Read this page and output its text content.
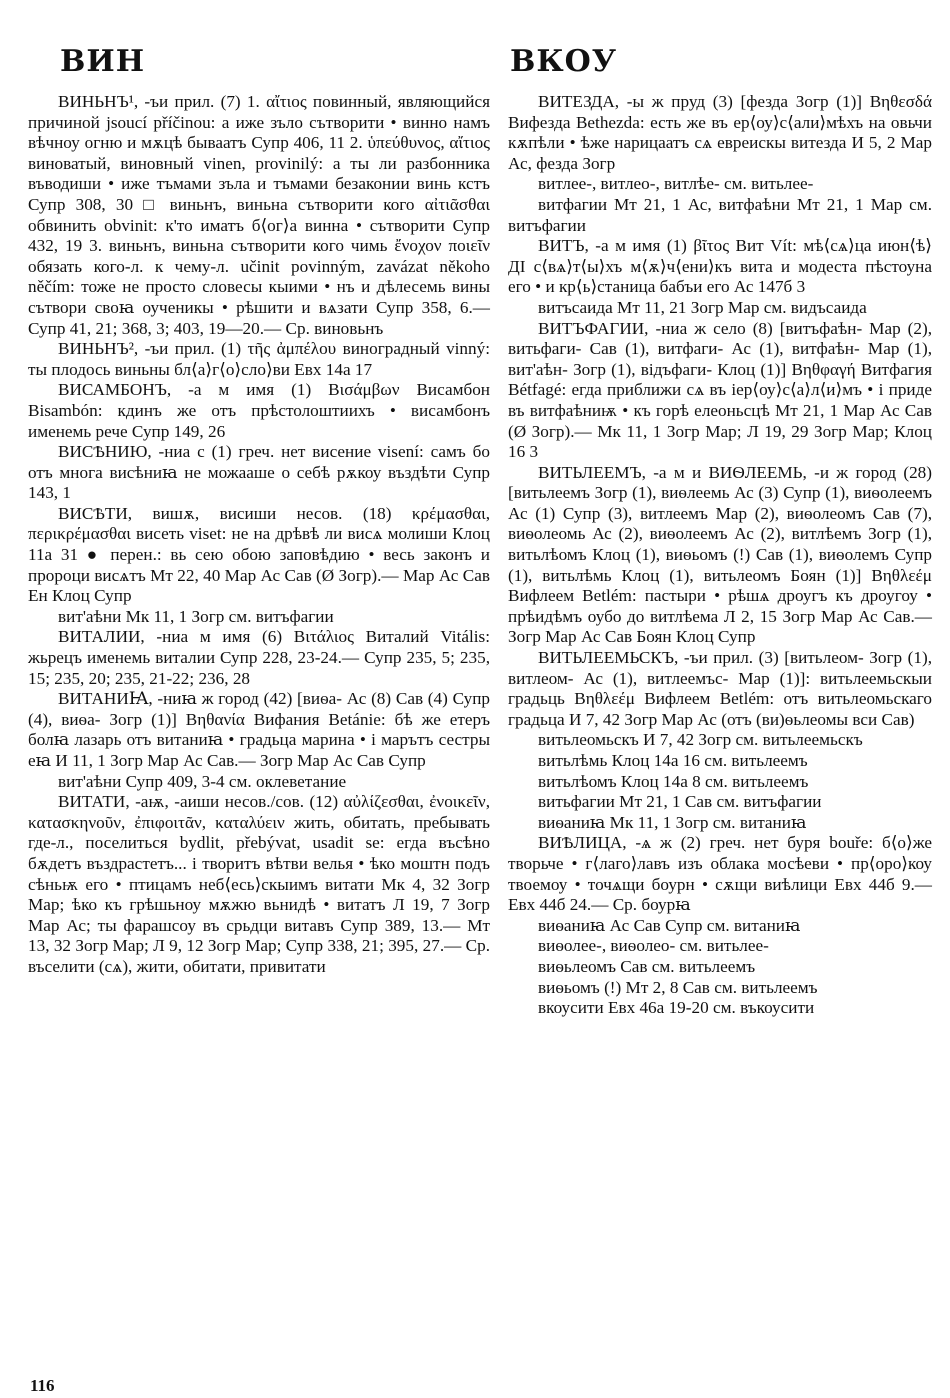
ВИН	ВКОУ

ВИНЬНЪ¹, -ъи прил. (7) 1. αἴτιος повинный, являющийся причиной jsoucí příčinou: а иже зъло сътворити • винно намъ вѣчноу огню и мѫцѣ бываатъ Супр 406, 11 2. ὑπεύθυνος, αἴτιος виноватый, виновный vinen, provinilý: а ты ли разбонника въводиши • иже тъмами зъла и тъмами безаконии винь кстъ Супр 308, 30 □ виньнъ, виньна сътворити кого αἰτιᾶσθαι обвинить obvinit: к'то иматъ б⟨ог⟩а винна • сътворити Супр 432, 19 3. виньнъ, виньна сътворити кого чимь ἔνοχον ποιεῖν обязать кого-л. к чему-л. učinit povinným, zavázat někoho něčím: тоже не просто словесы кыими • нъ и дѣлесемь вины сътвори своꙗ оученикы • рѣшити и вѧзати Супр 358, 6.— Супр 41, 21; 368, 3; 403, 19—20.— Ср. виновьнъ

ВИНЬНЪ², -ъи прил. (1) τῆς ἀμπέλου виноградный vinný: ты плодось виньны бл⟨а⟩г⟨о⟩сло⟩ви Евх 14а 17

ВИСАМБОНЪ, -а м имя (1) Βισάμβων Висамбон Bisambón: кдинъ же отъ прѣстолоштиихъ • висамбонъ именемь рече Супр 149, 26

ВИСѢНИЮ, -ниа с (1) греч. нет висение visení: самъ бо отъ многа висѣниꙗ не можааше о себѣ рѫкоу въздѣти Супр 143, 1

ВИСѢТИ, вишѫ, висиши несов. (18) κρέμασθαι, περικρέμασθαι висеть viset: не на дрѣвѣ ли висѧ молиши Клоц 11а 31 ● перен.: вь сею обою заповѣдию • весь законъ и пророци висѧтъ Мт 22, 40 Мар Ас Сав (Ø Зогр).— Мар Ас Сав Ен Клоц Супр

вит'аѣни Мк 11, 1 Зогр см. витъфагии

ВИТАЛИИ, -ниа м имя (6) Βιτάλιος Виталий Vitális: жьрецъ именемь виталии Супр 228, 23-24.— Супр 235, 5; 235, 15; 235, 20; 235, 21-22; 236, 28

ВИТАНИꙖ, -ниꙗ ж город (42) [виѳа- Ас (8) Сав (4) Супр (4), виѳа- Зогр (1)] Βηθανία Вифания Betánie: бѣ же етеръ болꙗ лазарь отъ витаниꙗ • градьца марина • і марътъ сестры еꙗ И 11, 1 Зогр Мар Ас Сав.— Зогр Мар Ас Сав Супр

вит'аѣни Супр 409, 3-4 см. оклеветание

ВИТАТИ, -аѭ, -аиши несов./сов. (12) αὐλίζεσθαι, ἐνοικεῖν, κατασκηνοῦν, ἐπιφοιτᾶν, καταλύειν жить, обитать, пребывать где-л., поселиться bydlit, přebývat, usadit se: егда въсѣно бѫдетъ въздрастетъ... і творитъ вѣтви велья • ѣко моштн подъ сѣньѭ его • птицамъ неб⟨есь⟩скыимъ витати Мк 4, 32 Зогр Мар; ѣко къ грѣшьноу мѫжю вьнидѣ • витатъ Л 19, 7 Зогр Мар Ас; ты фарашсоу въ срьдци витавъ Супр 389, 13.— Мт 13, 32 Зогр Мар; Л 9, 12 Зогр Мар; Супр 338, 21; 395, 27.— Ср. въселити (сѧ), жити, обитати, привитати

ВИТЕЗДА, -ы ж пруд (3) [фезда Зогр (1)] Βηθεσδά Вифезда Bethezda: есть же въ ер⟨оу⟩с⟨али⟩мѣхъ на овьчи кѫпѣли • ѣже нарицаатъ сѧ евреискы витезда И 5, 2 Мар Ас, фезда Зогр

витлее-, витлео-, витлѣе- см. витьлее-

витфагии Мт 21, 1 Ас, витфаѣни Мт 21, 1 Мар см. витъфагии

ВИТЪ, -а м имя (1) βῖτος Вит Vít: мѣ⟨сѧ⟩ца июн⟨ѣ⟩ ДІ с⟨вѧ⟩т⟨ы⟩хъ м⟨ѫ⟩ч⟨ени⟩къ вита и модеста пѣстоуна его • и кр⟨ь⟩станица бабъи его Ас 147б 3

витъсаида Мт 11, 21 Зогр Мар см. видъсаида

ВИТЪФАГИИ, -ниа ж село (8) [витъфаѣн- Мар (2), витьфаги- Сав (1), витфаги- Ас (1), витфаѣн- Мар (1), вит'аѣн- Зогр (1), відъфаги- Клоц (1)] Βηθφαγή Витфагия Bétfagé: егда приближи сѧ въ іер⟨оу⟩с⟨а⟩л⟨и⟩мъ • і приде въ витфаѣниѭ • къ горѣ елеоньсцѣ Мт 21, 1 Мар Ас Сав (Ø Зогр).— Мк 11, 1 Зогр Мар; Л 19, 29 Зогр Мар; Клоц 16 3

ВИТЬЛЕЕМЪ, -а м и ВИѲЛЕЕМЬ, -и ж город (28) [витьлеемъ Зогр (1), виѳлеемь Ас (3) Супр (1), виѳолеемъ Ас (1) Супр (3), витлеемъ Мар (2), виѳолеомъ Сав (7), виѳолеомь Ас (2), виѳолеемъ Ас (2), витлѣемъ Зогр (1), витьлѣомъ Клоц (1), виѳьомъ (!) Сав (1), виѳолемъ Супр (1), витьлѣмь Клоц (1), витьлеомъ Боян (1)] Βηθλεέμ Вифлеем Betlém: пастыри • рѣшѧ дроугъ къ дроугоу • прѣидѣмъ оубо до витлѣема Л 2, 15 Зогр Мар Ас Сав.— Зогр Мар Ас Сав Боян Клоц Супр

ВИТЬЛЕЕМЬСКЪ, -ъи прил. (3) [витьлеом- Зогр (1), витлеом- Ас (1), витлеемъс- Мар (1)]: витьлеемьскыи градьць Βηθλεέμ Вифлеем Betlém: отъ витьлеомьскаго градьца И 7, 42 Зогр Мар Ас (отъ (ви)ѳьлеомы вси Сав)

витьлеомьскъ И 7, 42 Зогр см. витьлеемьскъ

витьлѣмь Клоц 14а 16 см. витьлеемъ

витьлѣомъ Клоц 14а 8 см. витьлеемъ

витьфагии Мт 21, 1 Сав см. витъфагии

виѳаниꙗ Мк 11, 1 Зогр см. витаниꙗ

ВИѢЛИЦА, -ѧ ж (2) греч. нет буря bouře: б⟨о⟩же творьче • г⟨лаго⟩лавъ изъ облака мосѣеви • пр⟨оро⟩коу твоемоу • точѧщи боурн • сѫщи виѣлици Евх 44б 9.— Евх 44б 24.— Ср. боурꙗ

виѳаниꙗ Ас Сав Супр см. витаниꙗ

виѳолее-, виѳолео- см. витьлее-

виѳьлеомъ Сав см. витьлеемъ

виѳьомъ (!) Мт 2, 8 Сав см. витьлеемъ

вкоусити Евх 46а 19-20 см. въкоусити

116
